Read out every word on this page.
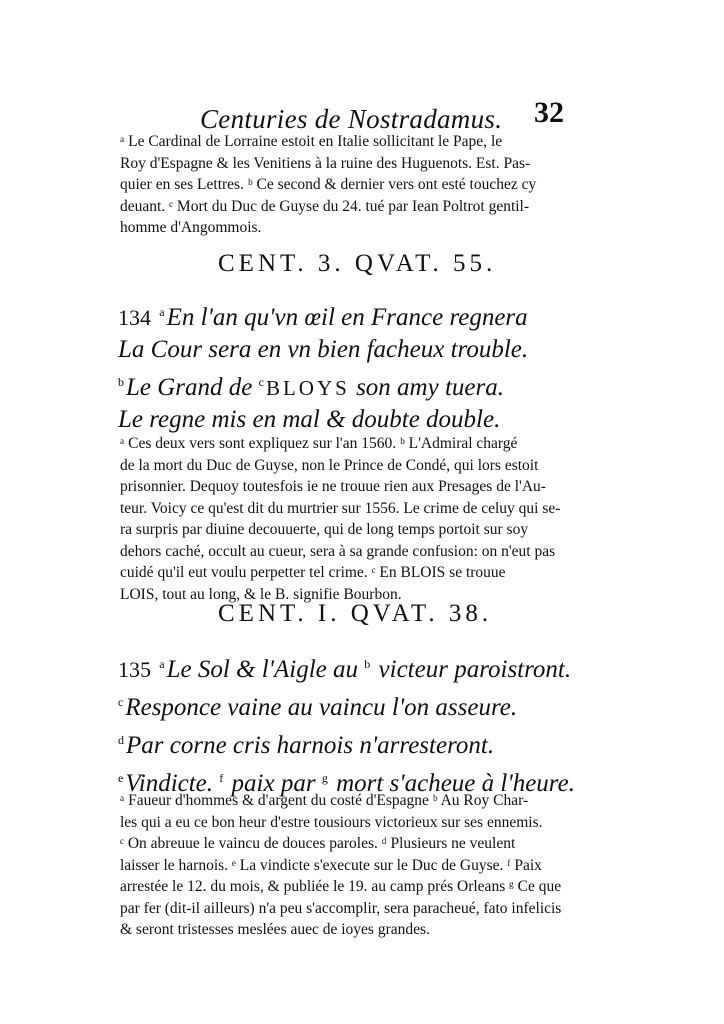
Centuries de Nostradamus. 32
ᵃ Le Cardinal de Lorraine estoit en Italie sollicitant le Pape, le
Roy d'Espagne & les Venitiens à la ruine des Huguenots. Est. Pas-
quier en ses Lettres. ᵇ Ce second & dernier vers ont esté touchez cy
deuant. ᶜ Mort du Duc de Guyse du 24. tué par Iean Poltrot gentil-
homme d'Angommois.
CENT. 3. QVAT. 55.
134 $^a$En l'an qu'vn œil en France regnera
La Cour sera en vn bien facheux trouble.
$^b$Le Grand de $^c$BLOYS son amy tuera.
Le regne mis en mal & doubte double.
ᵃ Ces deux vers sont expliquez sur l'an 1560. ᵇ L'Admiral chargé
de la mort du Duc de Guyse, non le Prince de Condé, qui lors estoit
prisonnier. Dequoy toutesfois ie ne trouue rien aux Presages de l'Au-
teur. Voicy ce qu'est dit du murtrier sur 1556. Le crime de celuy qui se-
ra surpris par diuine decouuerte, qui de long temps portoit sur soy
dehors caché, occult au cueur, sera à sa grande confusion: on n'eut pas
cuidé qu'il eut voulu perpetter tel crime. ᶜ En BLOIS se trouue
LOIS, tout au long, & le B. signifie Bourbon.
CENT. I. QVAT. 38.
135 $^a$Le Sol & l'Aigle au $^b$ victeur paroistront.
$^c$Responce vaine au vaincu l'on asseure.
$^d$Par corne cris harnois n'arresteront.
$^e$Vindicte. $^f$ paix par $^g$ mort s'acheue à l'heure.
ᵃ Faueur d'hommes & d'argent du costé d'Espagne ᵇ Au Roy Char-
les qui a eu ce bon heur d'estre tousiours victorieux sur ses ennemis.
ᶜ On abreuue le vaincu de douces paroles. ᵈ Plusieurs ne veulent
laisser le harnois. ᵉ La vindicte s'execute sur le Duc de Guyse. ᶠ Paix
arrestée le 12. du mois, & publiée le 19. au camp prés Orleans ᵍ Ce que
par fer (dit-il ailleurs) n'a peu s'accomplir, sera paracheué, fato infelicis
& seront tristesses meslées auec de ioyes grandes.
